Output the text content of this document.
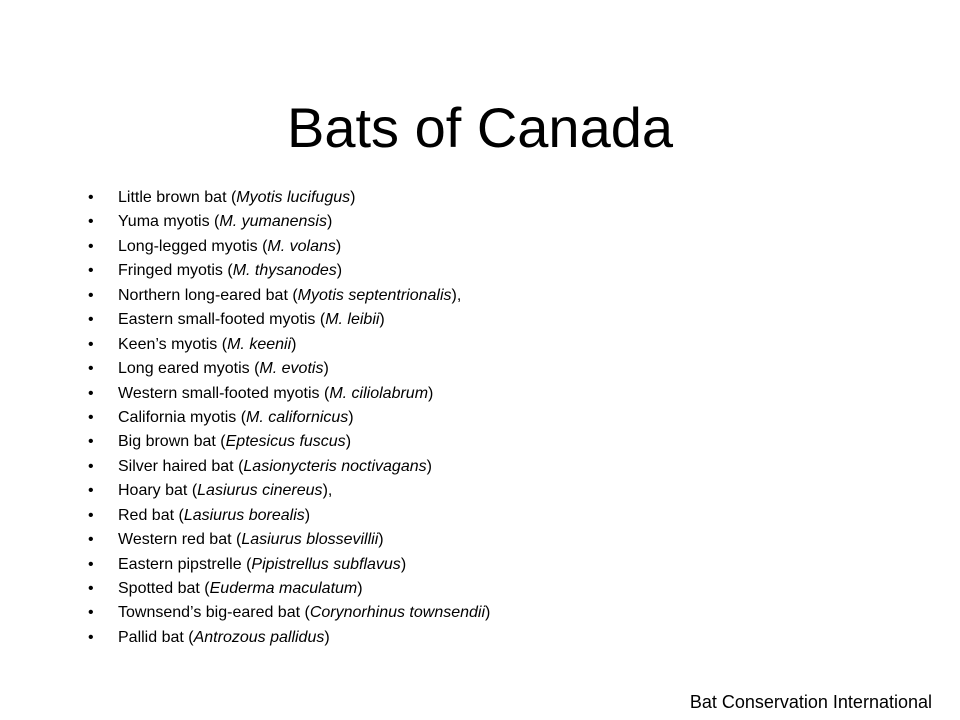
Bats of Canada
• Little brown bat (Myotis lucifugus)
• Yuma myotis (M. yumanensis)
• Long-legged myotis (M. volans)
• Fringed myotis (M. thysanodes)
• Northern long-eared bat (Myotis septentrionalis),
• Eastern small-footed myotis (M. leibii)
• Keen’s myotis (M. keenii)
• Long eared myotis (M. evotis)
• Western small-footed myotis (M. ciliolabrum)
• California myotis (M. californicus)
• Big brown bat (Eptesicus fuscus)
• Silver haired bat (Lasionycteris noctivagans)
• Hoary bat (Lasiurus cinereus),
• Red bat (Lasiurus borealis)
• Western red bat (Lasiurus blossevillii)
• Eastern pipstrelle (Pipistrellus subflavus)
• Spotted bat (Euderma maculatum)
• Townsend’s big-eared bat (Corynorhinus townsendii)
• Pallid bat (Antrozous pallidus)
Bat Conservation International
